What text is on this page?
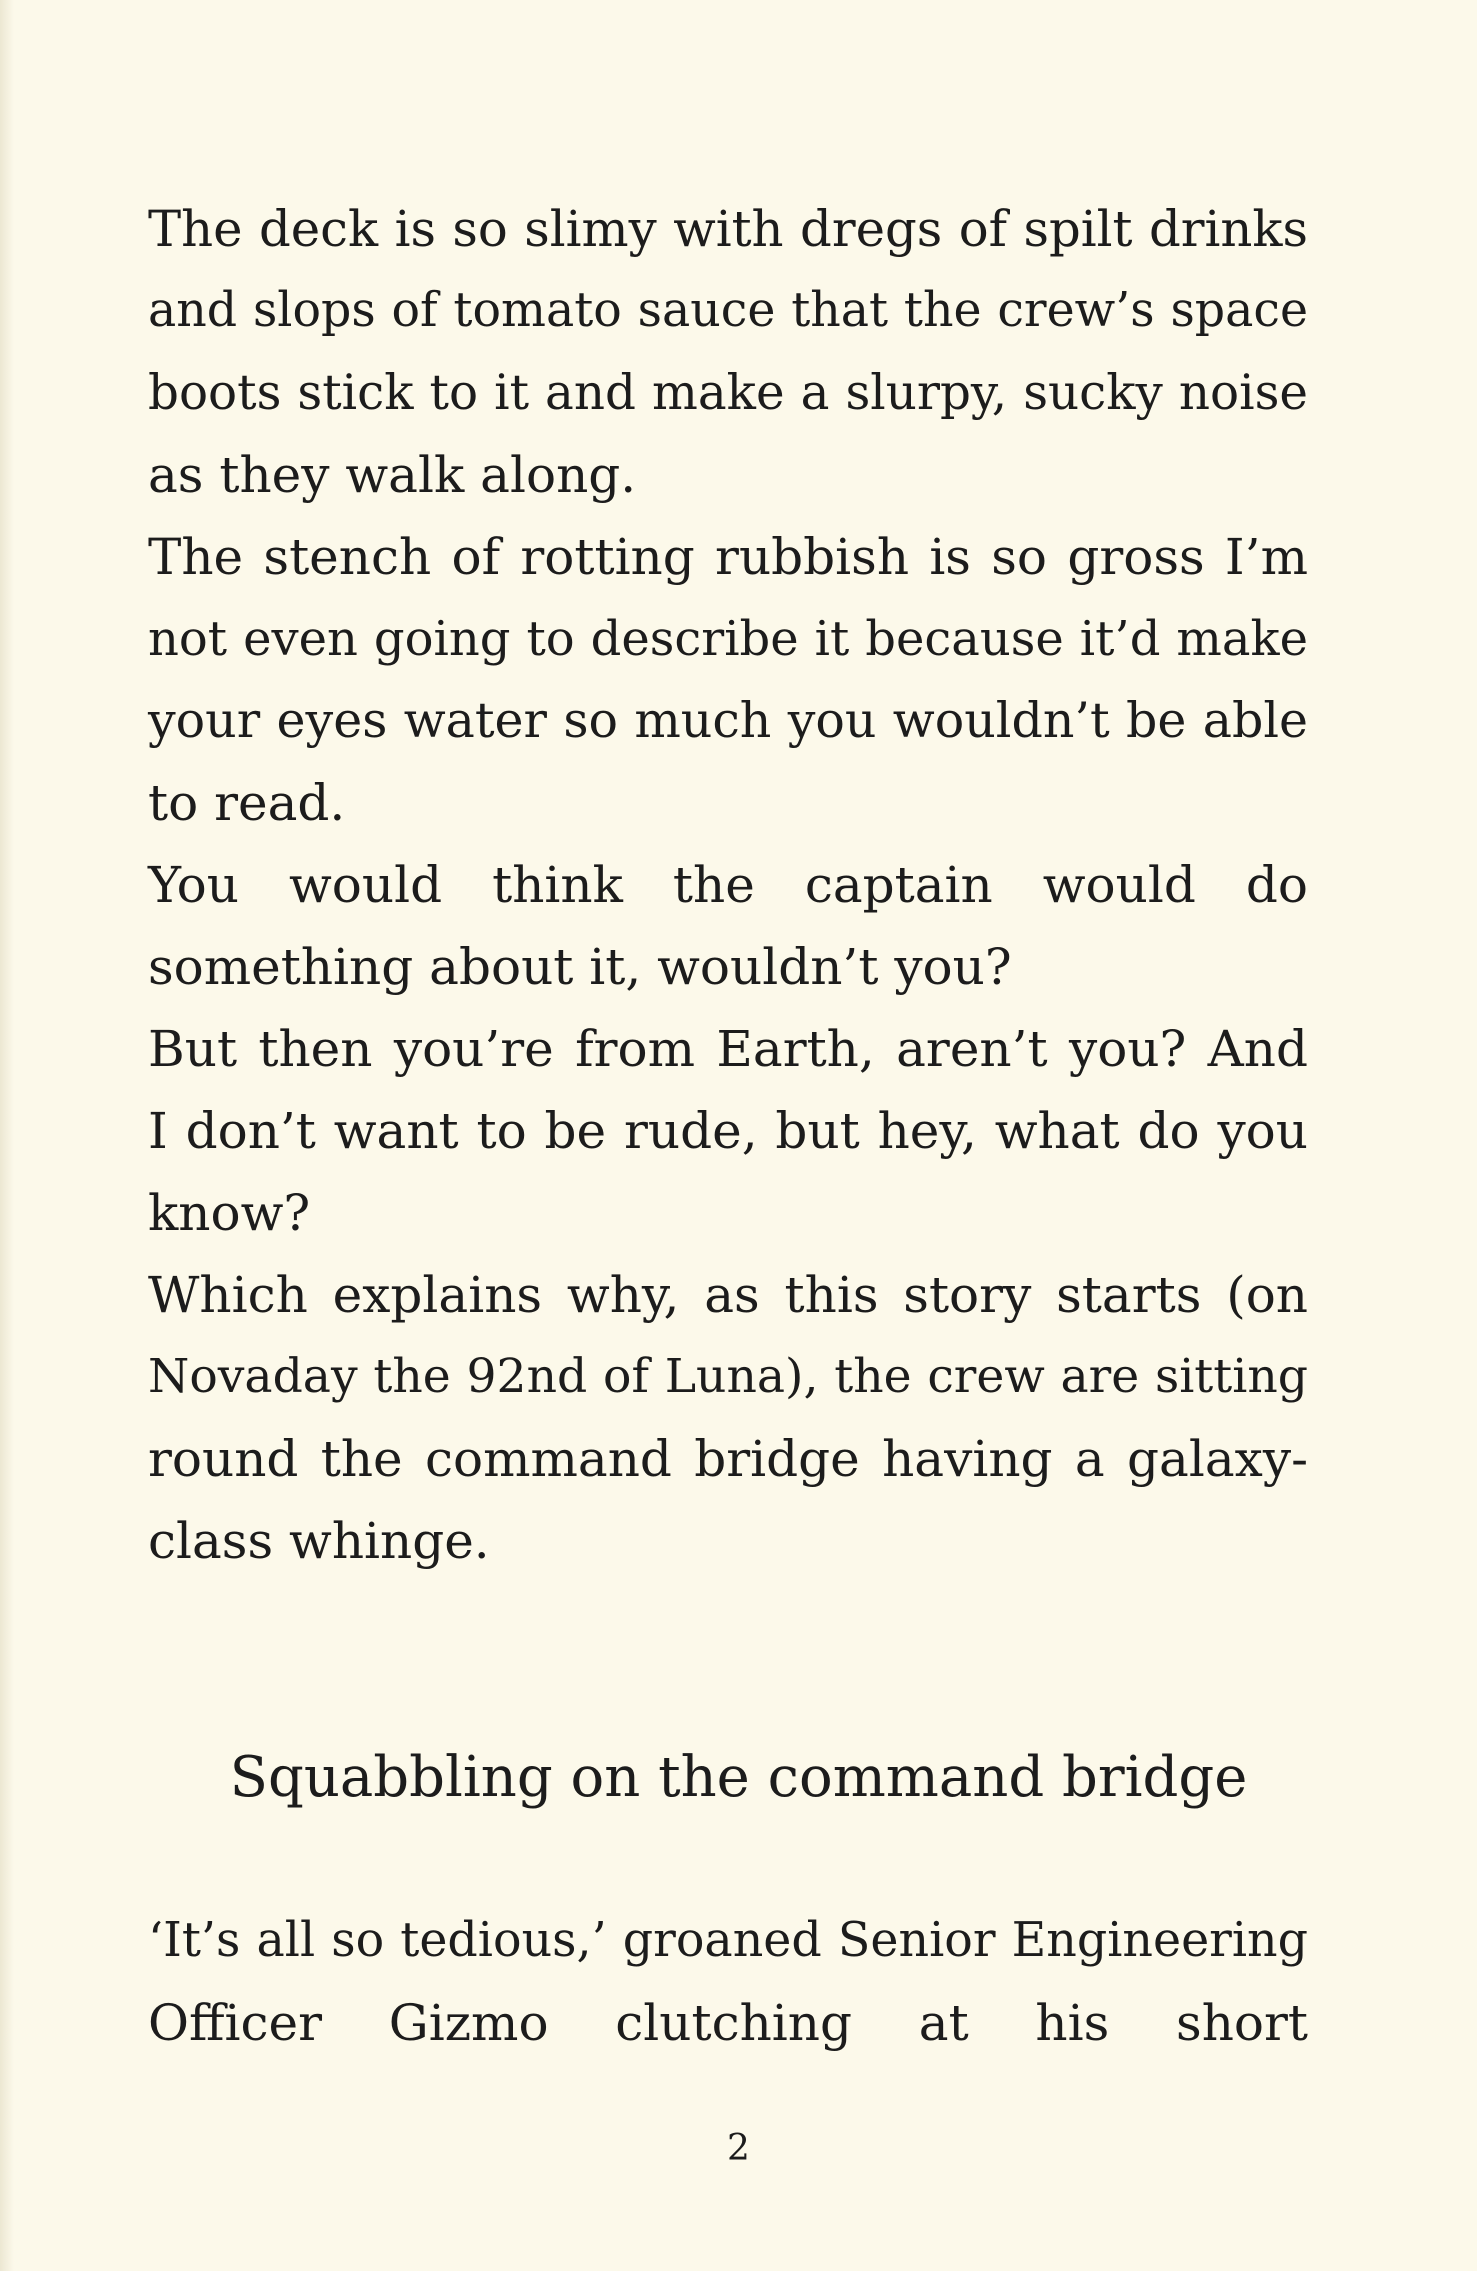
The deck is so slimy with dregs of spilt drinks
and slops of tomato sauce that the crew’s space
boots stick to it and make a slurpy, sucky noise
as they walk along.
The stench of rotting rubbish is so gross I’m
not even going to describe it because it’d make
your eyes water so much you wouldn’t be able
to read.
You would think the captain would do
something about it, wouldn’t you?
But then you’re from Earth, aren’t you? And
I don’t want to be rude, but hey, what do you
know?
Which explains why, as this story starts (on
Novaday the 92nd of Luna), the crew are sitting
round the command bridge having a galaxy-
class whinge.
Squabbling on the command bridge
‘It’s all so tedious,’ groaned Senior Engineering
Officer Gizmo clutching at his short
2
